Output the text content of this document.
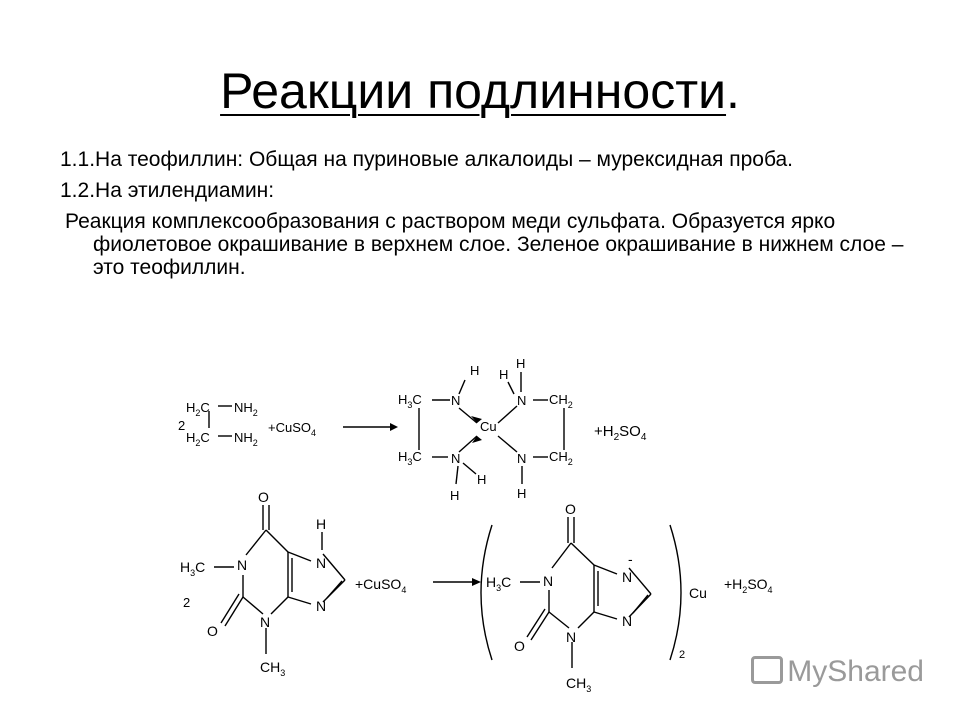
Реакции подлинности.

1.1.На теофиллин: Общая на пуриновые алкалоиды – мурексидная проба.

1.2.На этилендиамин:

Реакция комплексообразования с раствором меди сульфата. Образуется ярко фиолетовое окрашивание в верхнем слое. Зеленое окрашивание в нижнем слое – это теофиллин.

$H_2C$ $NH_2$
$H_2C$ $NH_2$
$H_3C$
$H_3C$
N
N
N
N
$CH_2$
$CH_2$
H	H
H
H
H	H
2	Cu
+CuSO$_4$	$+H_2SO_4$
O
H
N
N
N
N
O
$H_3C$
$CH_3$
O
N
N
N
N
O
$H_3C$
$CH_3$
-
2
+CuSO$_4$	Cu
2
$+H_2SO_4$
MyShared
